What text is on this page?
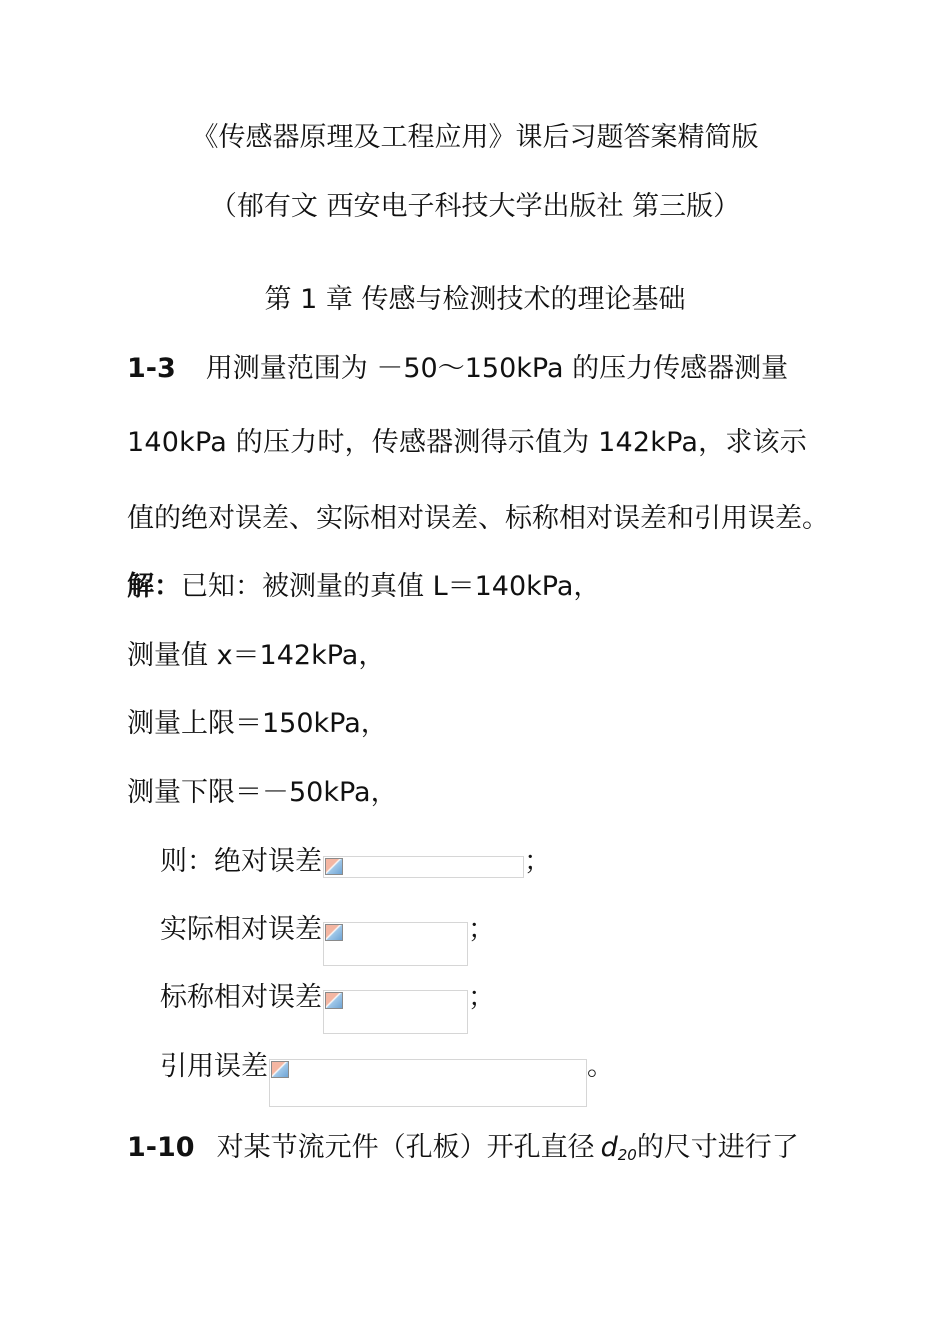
《传感器原理及工程应用》课后习题答案精简版
（郁有文 西安电子科技大学出版社 第三版）
第 1 章 传感与检测技术的理论基础
1-3 用测量范围为 －50～150kPa 的压力传感器测量
140kPa 的压力时，传感器测得示值为 142kPa，求该示
值的绝对误差、实际相对误差、标称相对误差和引用误差。
解：已知：被测量的真值 L＝140kPa，
测量值 x＝142kPa，
测量上限＝150kPa，
测量下限＝－50kPa，
则：绝对误差	；
实际相对误差	；
标称相对误差	；
引用误差	。
1-10 对某节流元件（孔板）开孔直径 $d_{20}$的尺寸进行了
